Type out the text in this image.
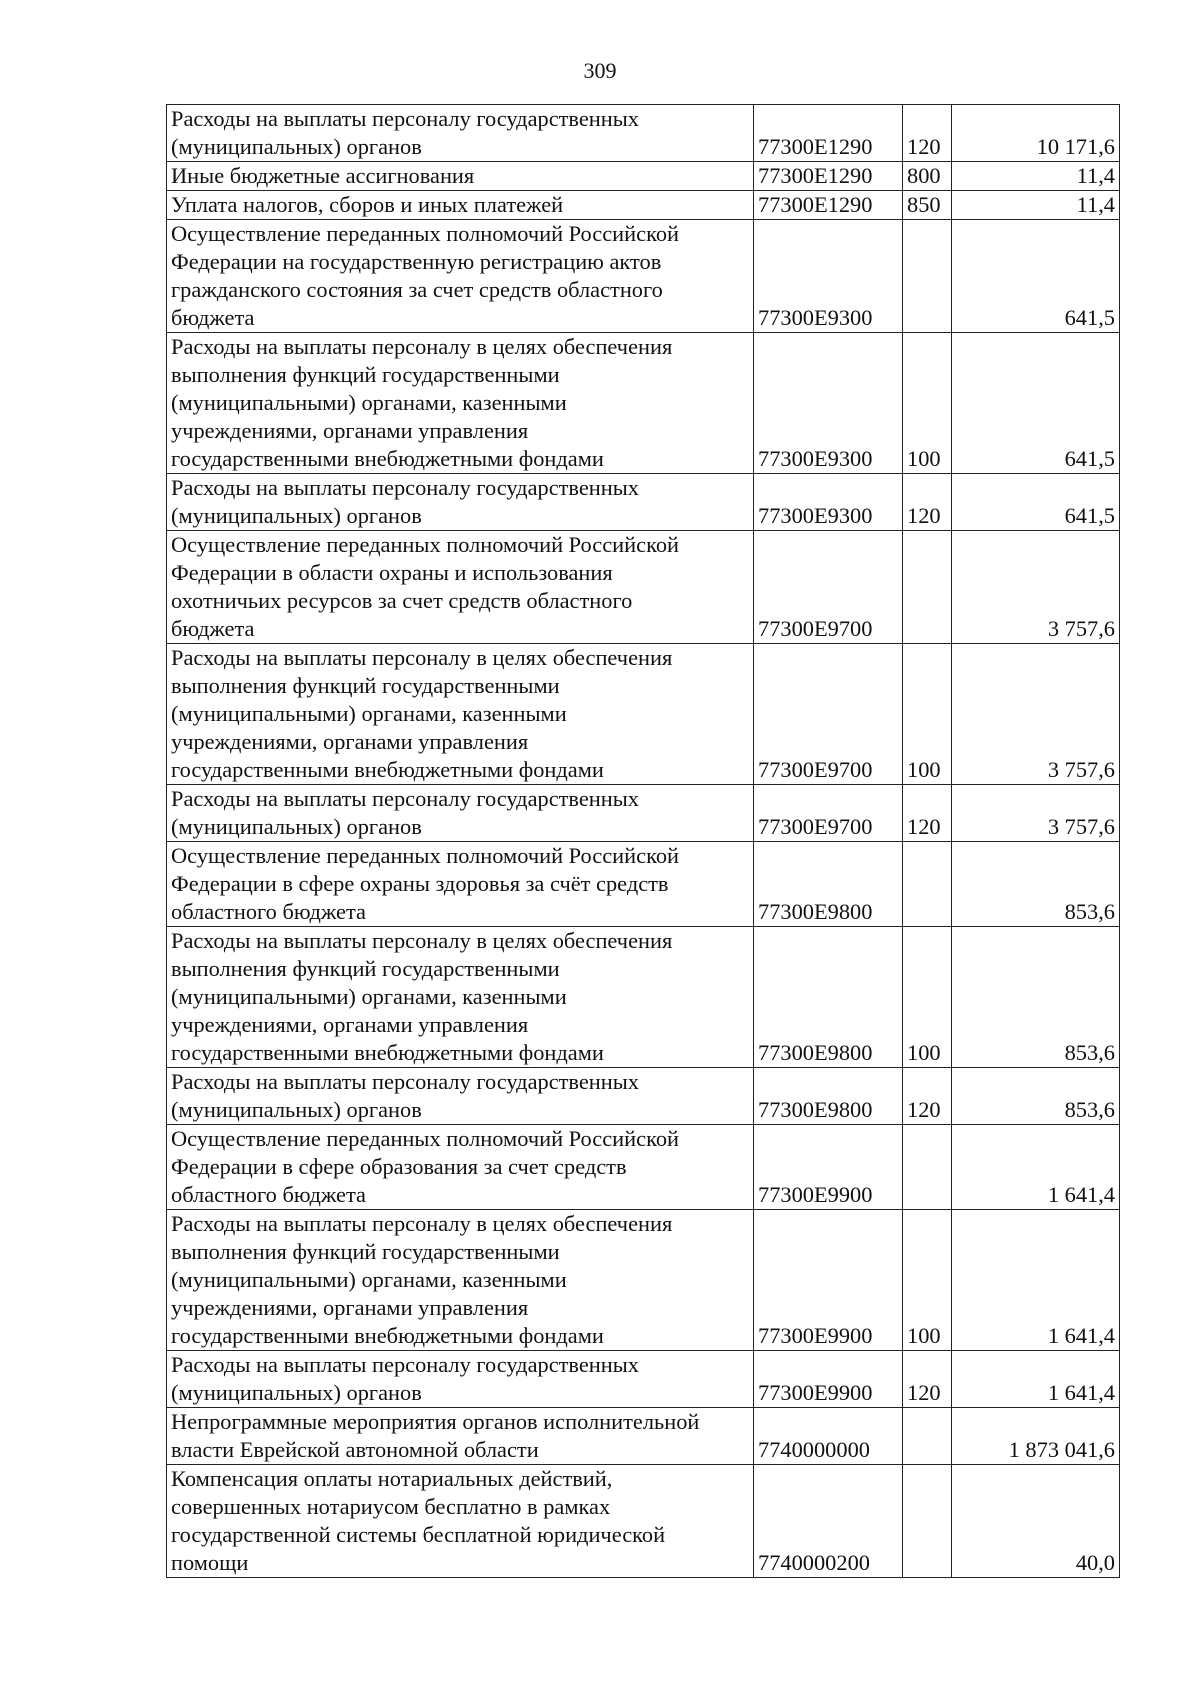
309
Расходы на выплаты персоналу государственных
(муниципальных) органов	77300E1290	120	10 171,6
Иные бюджетные ассигнования	77300E1290	800	11,4
Уплата налогов, сборов и иных платежей	77300E1290	850	11,4
Осуществление переданных полномочий Российской
Федерации на государственную регистрацию актов
гражданского состояния за счет средств областного
бюджета	77300E9300		641,5
Расходы на выплаты персоналу в целях обеспечения
выполнения функций государственными
(муниципальными) органами, казенными
учреждениями, органами управления
государственными внебюджетными фондами	77300E9300	100	641,5
Расходы на выплаты персоналу государственных
(муниципальных) органов	77300E9300	120	641,5
Осуществление переданных полномочий Российской
Федерации в области охраны и использования
охотничьих ресурсов за счет средств областного
бюджета	77300E9700		3 757,6
Расходы на выплаты персоналу в целях обеспечения
выполнения функций государственными
(муниципальными) органами, казенными
учреждениями, органами управления
государственными внебюджетными фондами	77300E9700	100	3 757,6
Расходы на выплаты персоналу государственных
(муниципальных) органов	77300E9700	120	3 757,6
Осуществление переданных полномочий Российской
Федерации в сфере охраны здоровья за счёт средств
областного бюджета	77300E9800		853,6
Расходы на выплаты персоналу в целях обеспечения
выполнения функций государственными
(муниципальными) органами, казенными
учреждениями, органами управления
государственными внебюджетными фондами	77300E9800	100	853,6
Расходы на выплаты персоналу государственных
(муниципальных) органов	77300E9800	120	853,6
Осуществление переданных полномочий Российской
Федерации в сфере образования за счет средств
областного бюджета	77300E9900		1 641,4
Расходы на выплаты персоналу в целях обеспечения
выполнения функций государственными
(муниципальными) органами, казенными
учреждениями, органами управления
государственными внебюджетными фондами	77300E9900	100	1 641,4
Расходы на выплаты персоналу государственных
(муниципальных) органов	77300E9900	120	1 641,4
Непрограммные мероприятия органов исполнительной
власти Еврейской автономной области	7740000000		1 873 041,6
Компенсация оплаты нотариальных действий,
совершенных нотариусом бесплатно в рамках
государственной системы бесплатной юридической
помощи	7740000200		40,0
